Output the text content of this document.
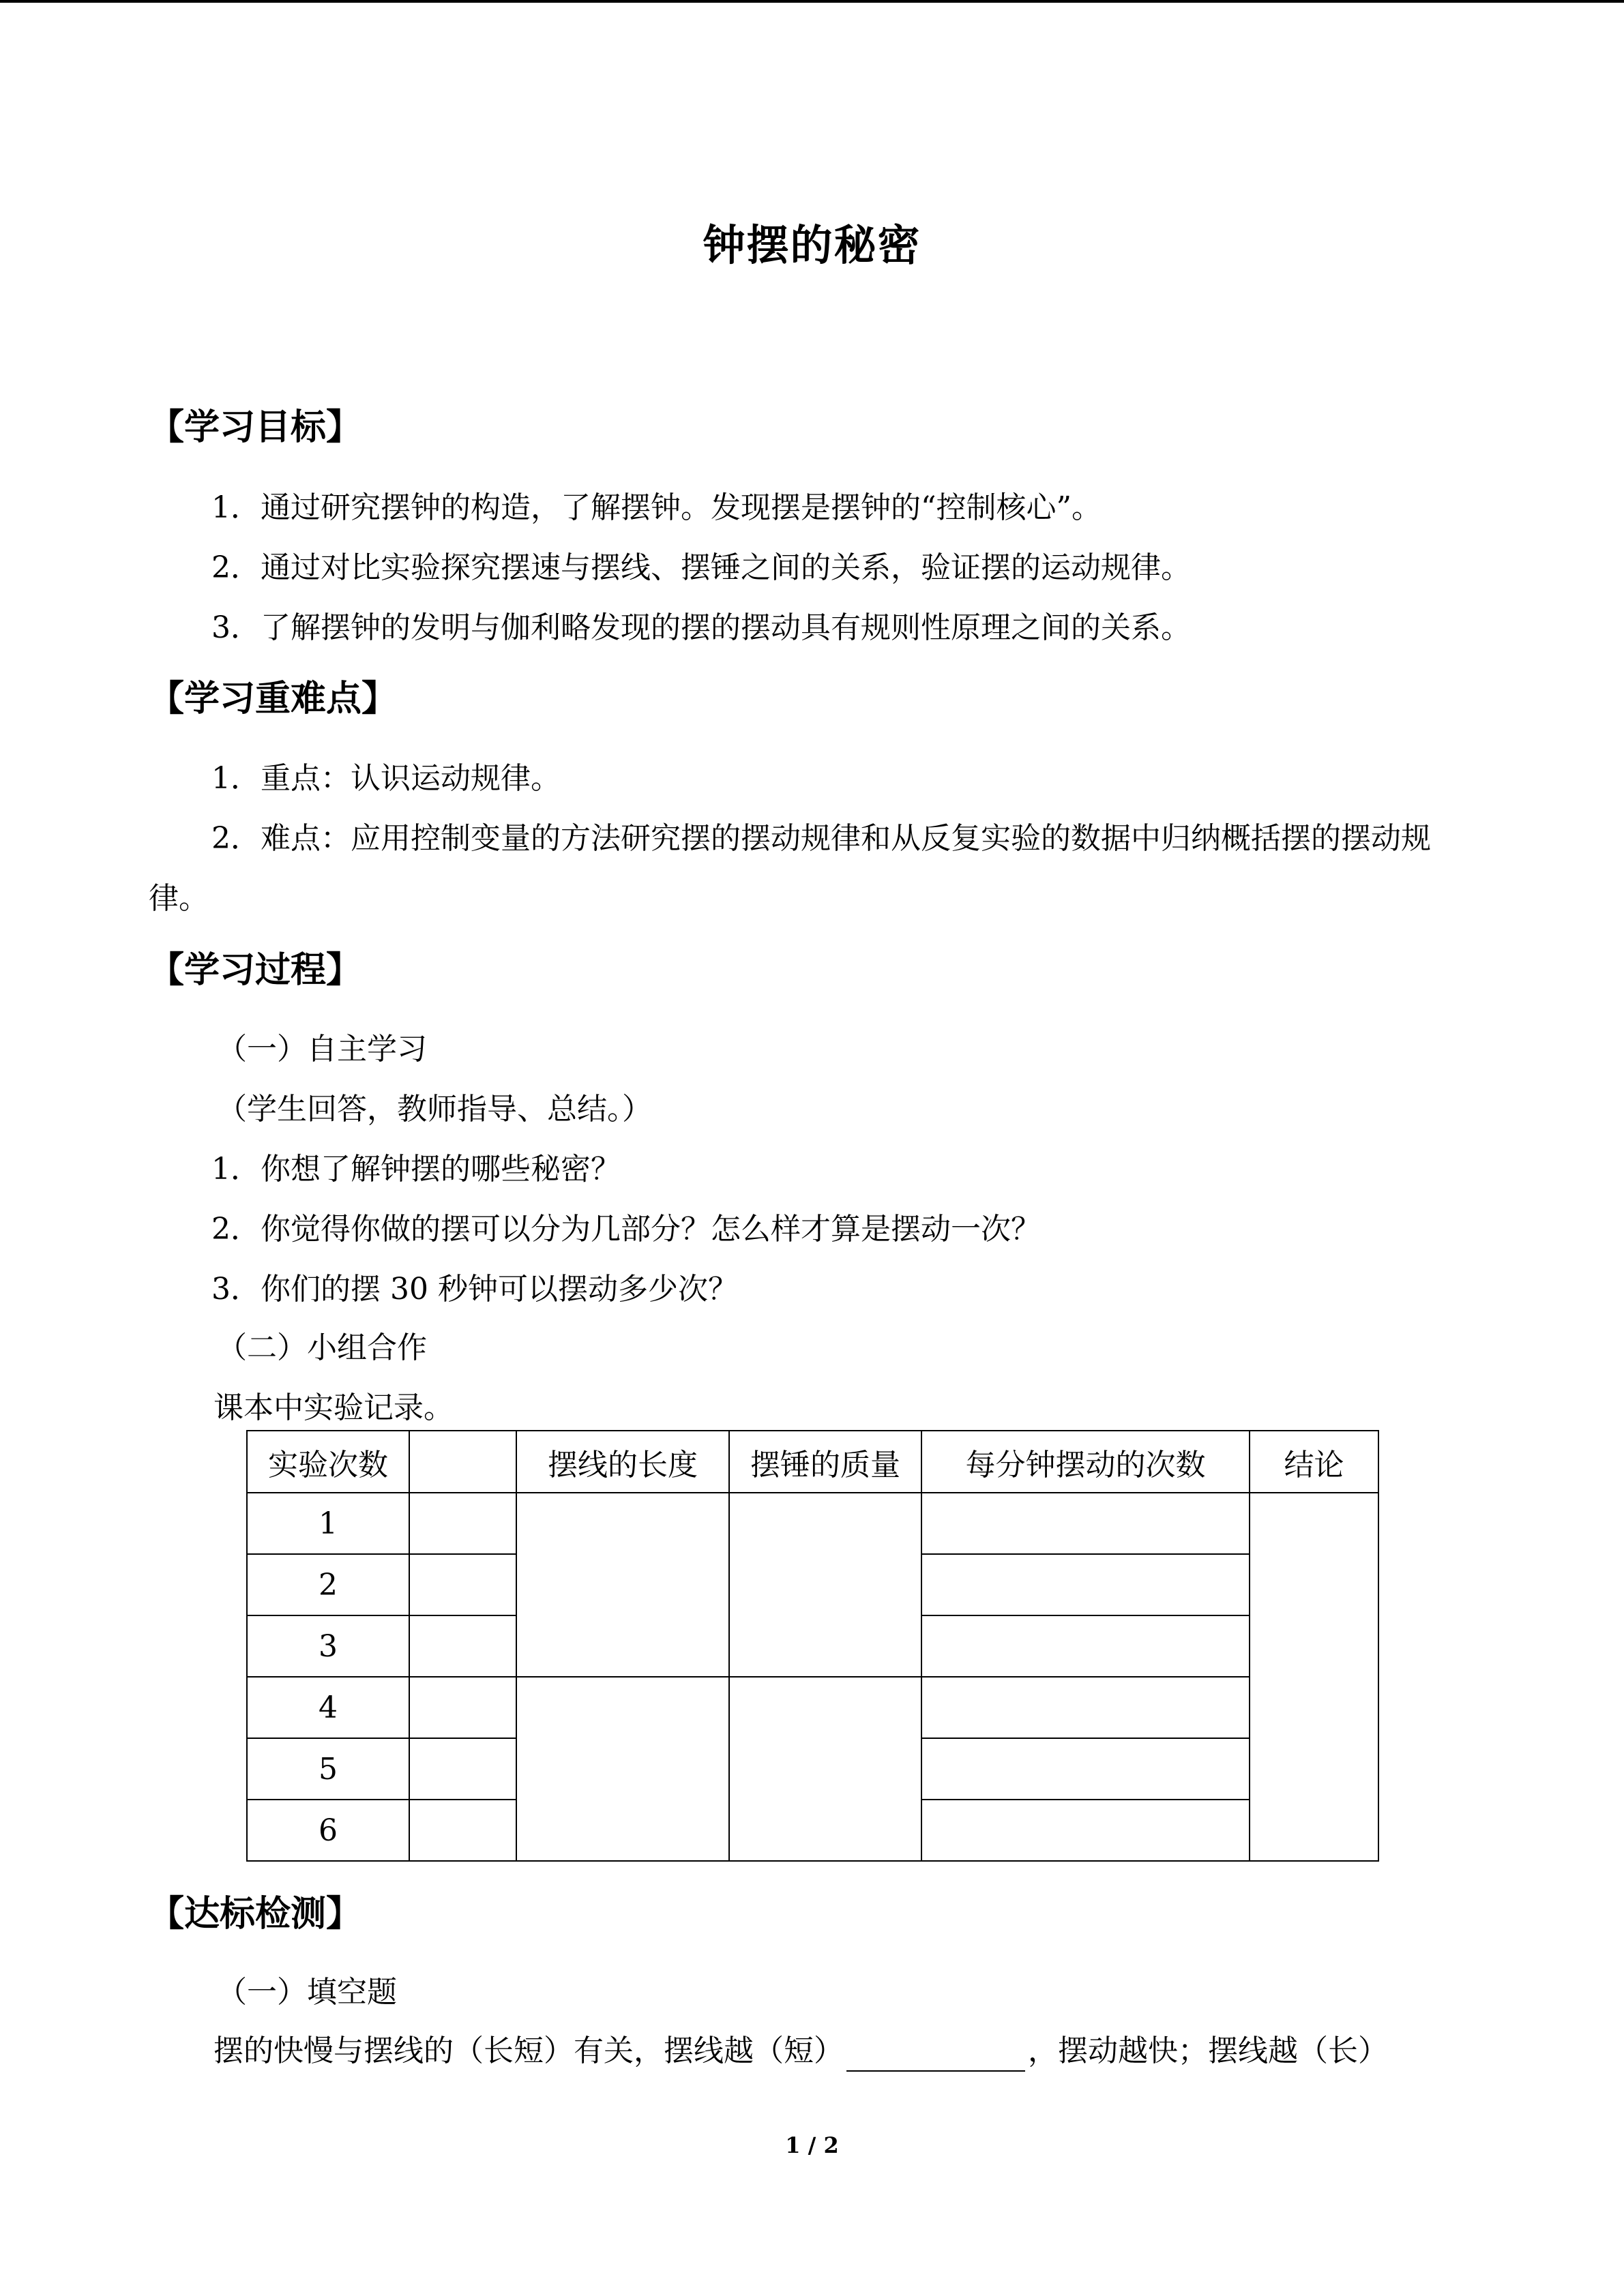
钟摆的秘密
【学习目标】
1．通过研究摆钟的构造，了解摆钟。发现摆是摆钟的“控制核心”。
2．通过对比实验探究摆速与摆线、摆锤之间的关系，验证摆的运动规律。
3．了解摆钟的发明与伽利略发现的摆的摆动具有规则性原理之间的关系。
【学习重难点】
1．重点：认识运动规律。
2．难点：应用控制变量的方法研究摆的摆动规律和从反复实验的数据中归纳概括摆的摆动规律。
【学习过程】
（一）自主学习
（学生回答，教师指导、总结。）
1．你想了解钟摆的哪些秘密？
2．你觉得你做的摆可以分为几部分？怎么样才算是摆动一次？
3．你们的摆 30 秒钟可以摆动多少次？
（二）小组合作
课本中实验记录。
实验次数		摆线的长度	摆锤的质量	每分钟摆动的次数	结论
1					
2					
3					
4					
5					
6					
【达标检测】
（一）填空题
摆的快慢与摆线的（长短）有关，摆线越（短）	，摆动越快；摆线越（长）
1 / 2
